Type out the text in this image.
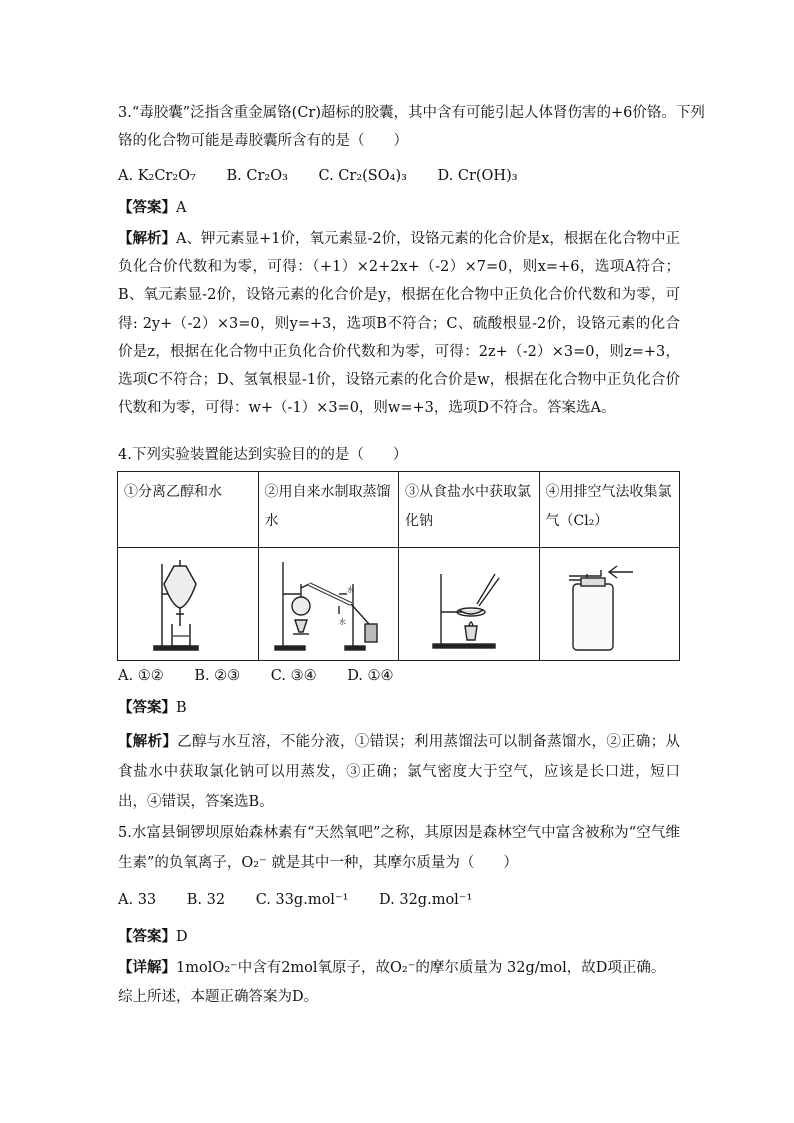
3.“毒胶囊”泛指含重金属铬(Cr)超标的胶囊，其中含有可能引起人体肾伤害的+6价铬。下列
铬的化合物可能是毒胶囊所含有的是（　　）
A. K₂Cr₂O₇ B. Cr₂O₃ C. Cr₂(SO₄)₃ D. Cr(OH)₃
【答案】A
【解析】A、钾元素显+1价，氧元素显-2价，设铬元素的化合价是x，根据在化合物中正负化合价代数和为零，可得：（+1）×2+2x+（-2）×7=0，则x=+6，选项A符合；B、氧元素显-2价，设铬元素的化合价是y，根据在化合物中正负化合价代数和为零，可得: 2y+（-2）×3=0，则y=+3，选项B不符合；C、硫酸根显-2价，设铬元素的化合价是z，根据在化合物中正负化合价代数和为零，可得：2z+（-2）×3=0，则z=+3，选项C不符合；D、氢氧根显-1价，设铬元素的化合价是w，根据在化合物中正负化合价代数和为零，可得：w+（-1）×3=0，则w=+3，选项D不符合。答案选A。
4.下列实验装置能达到实验目的的是（　　）
①分离乙醇和水	②用自来水制取蒸馏水	③从食盐水中获取氯化钠	④用排空气法收集氯气（Cl₂）

水
水

A. ①② B. ②③ C. ③④ D. ①④
【答案】B
【解析】乙醇与水互溶，不能分液，①错误；利用蒸馏法可以制备蒸馏水，②正确；从食盐水中获取氯化钠可以用蒸发，③正确；氯气密度大于空气，应该是长口进，短口出，④错误，答案选B。
5.水富县铜锣坝原始森林素有“天然氧吧”之称，其原因是森林空气中富含被称为“空气维生素”的负氧离子，O₂⁻ 就是其中一种，其摩尔质量为（　　）
A. 33 B. 32 C. 33g.mol⁻¹ D. 32g.mol⁻¹
【答案】D
【详解】1molO₂⁻中含有2mol氧原子，故O₂⁻的摩尔质量为 32g/mol，故D项正确。
综上所述，本题正确答案为D。
